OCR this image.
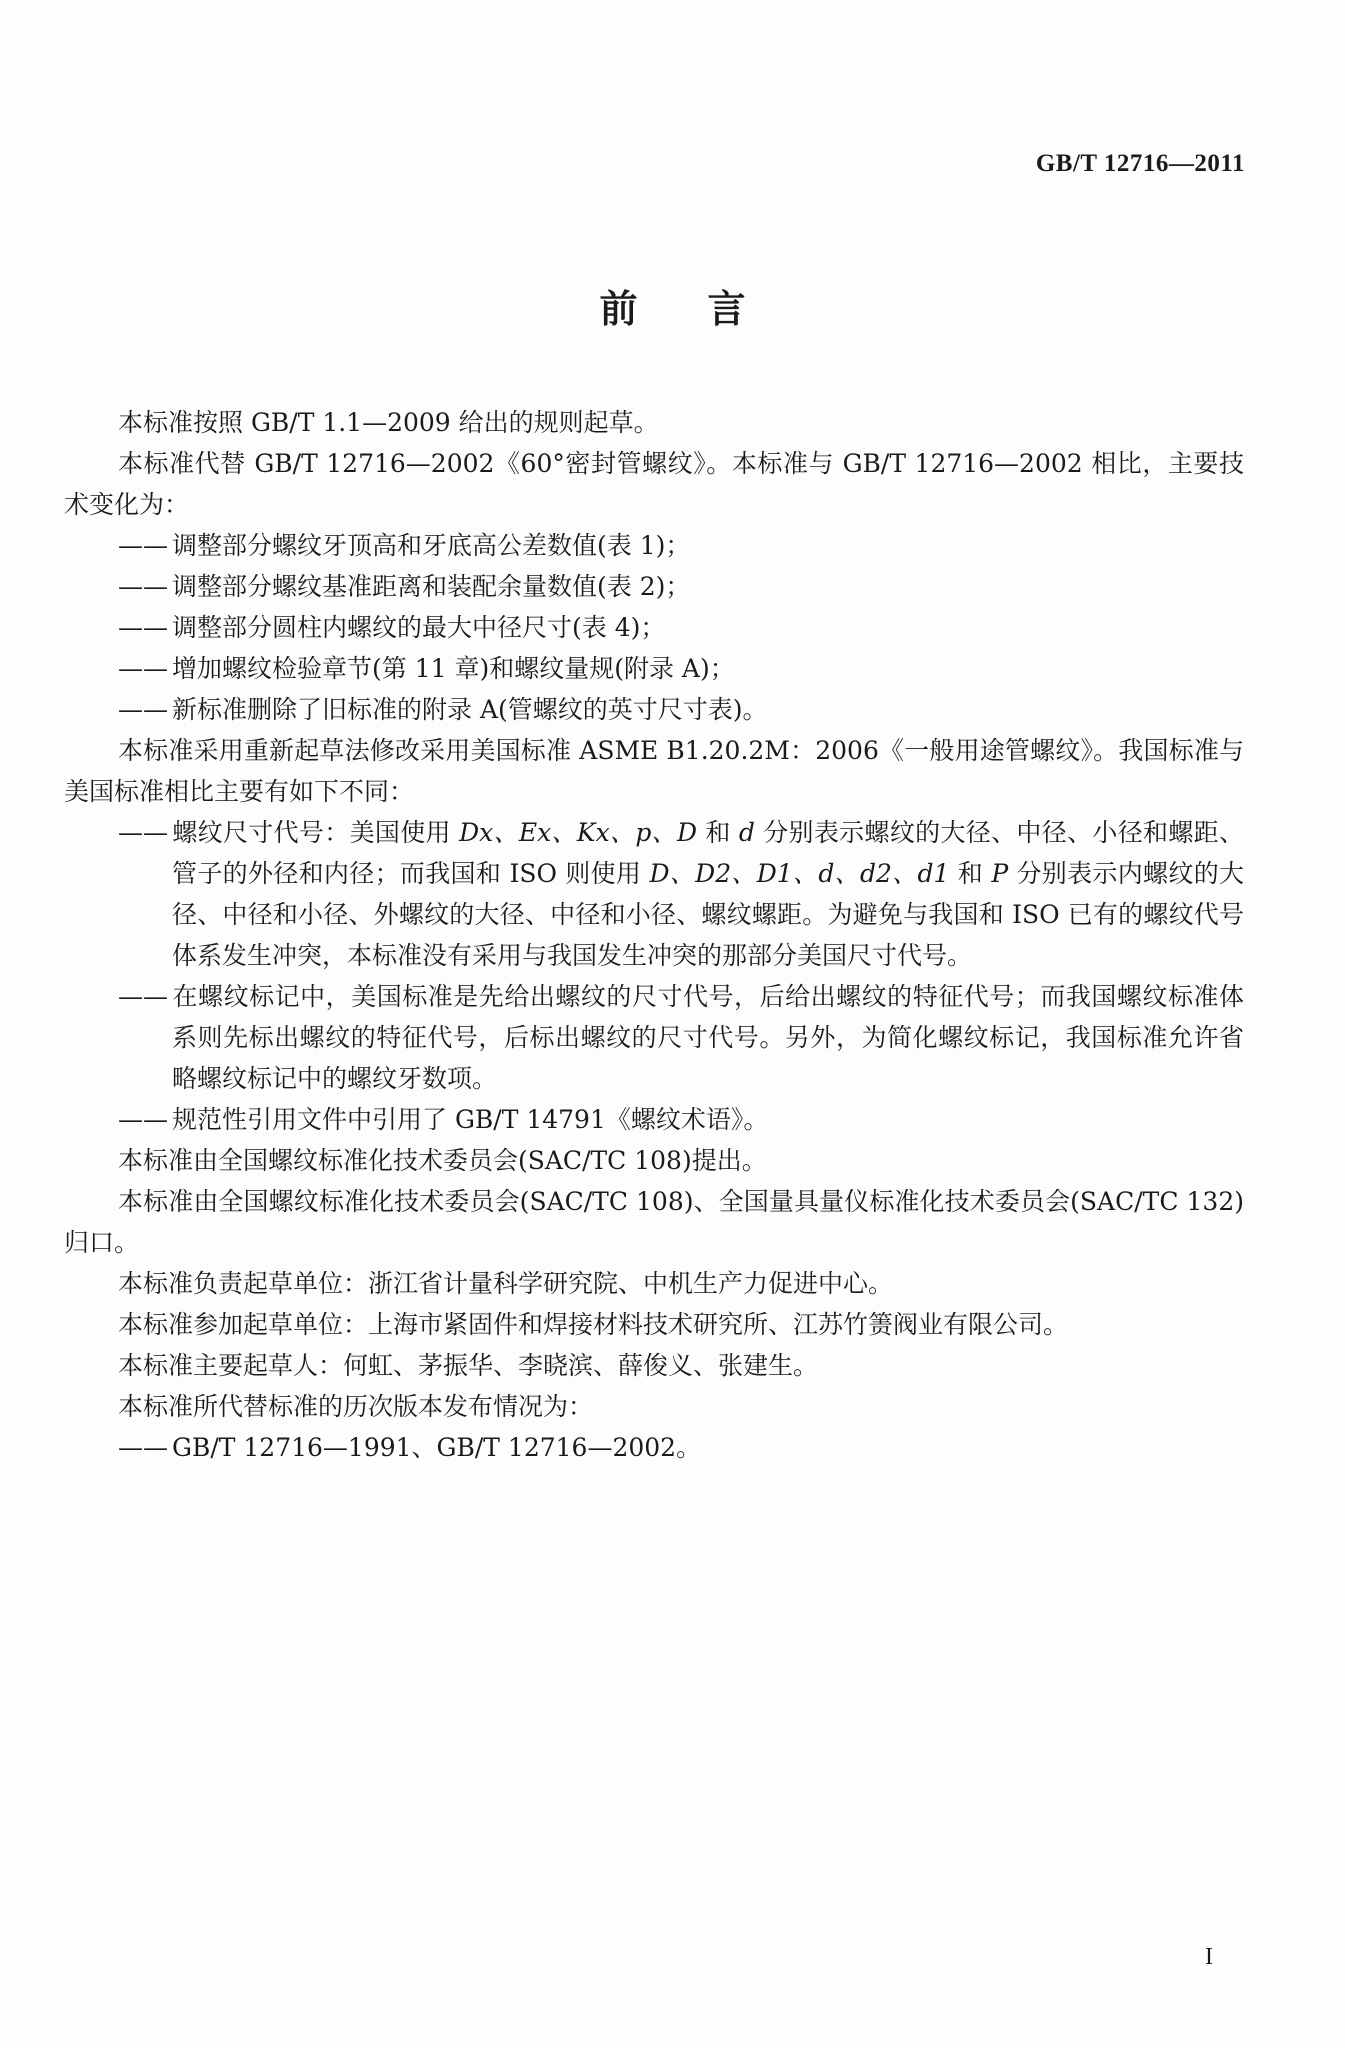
GB/T 12716—2011
前言

本标准按照 GB/T 1.1—2009 给出的规则起草。

本标准代替 GB/T 12716—2002《60°密封管螺纹》。本标准与 GB/T 12716—2002 相比，主要技术变化为：

—— 调整部分螺纹牙顶高和牙底高公差数值(表 1)；

—— 调整部分螺纹基准距离和装配余量数值(表 2)；

—— 调整部分圆柱内螺纹的最大中径尺寸(表 4)；

—— 增加螺纹检验章节(第 11 章)和螺纹量规(附录 A)；

—— 新标准删除了旧标准的附录 A(管螺纹的英寸尺寸表)。

本标准采用重新起草法修改采用美国标准 ASME B1.20.2M：2006《一般用途管螺纹》。我国标准与美国标准相比主要有如下不同：

—— 螺纹尺寸代号：美国使用 Dx、Ex、Kx、p、D 和 d 分别表示螺纹的大径、中径、小径和螺距、管子的外径和内径；而我国和 ISO 则使用 D、D2、D1、d、d2、d1 和 P 分别表示内螺纹的大径、中径和小径、外螺纹的大径、中径和小径、螺纹螺距。为避免与我国和 ISO 已有的螺纹代号体系发生冲突，本标准没有采用与我国发生冲突的那部分美国尺寸代号。

—— 在螺纹标记中，美国标准是先给出螺纹的尺寸代号，后给出螺纹的特征代号；而我国螺纹标准体系则先标出螺纹的特征代号，后标出螺纹的尺寸代号。另外，为简化螺纹标记，我国标准允许省略螺纹标记中的螺纹牙数项。

—— 规范性引用文件中引用了 GB/T 14791《螺纹术语》。

本标准由全国螺纹标准化技术委员会(SAC/TC 108)提出。

本标准由全国螺纹标准化技术委员会(SAC/TC 108)、全国量具量仪标准化技术委员会(SAC/TC 132)归口。

本标准负责起草单位：浙江省计量科学研究院、中机生产力促进中心。

本标准参加起草单位：上海市紧固件和焊接材料技术研究所、江苏竹箦阀业有限公司。

本标准主要起草人：何虹、茅振华、李晓滨、薛俊义、张建生。

本标准所代替标准的历次版本发布情况为：

—— GB/T 12716—1991、GB/T 12716—2002。

I
